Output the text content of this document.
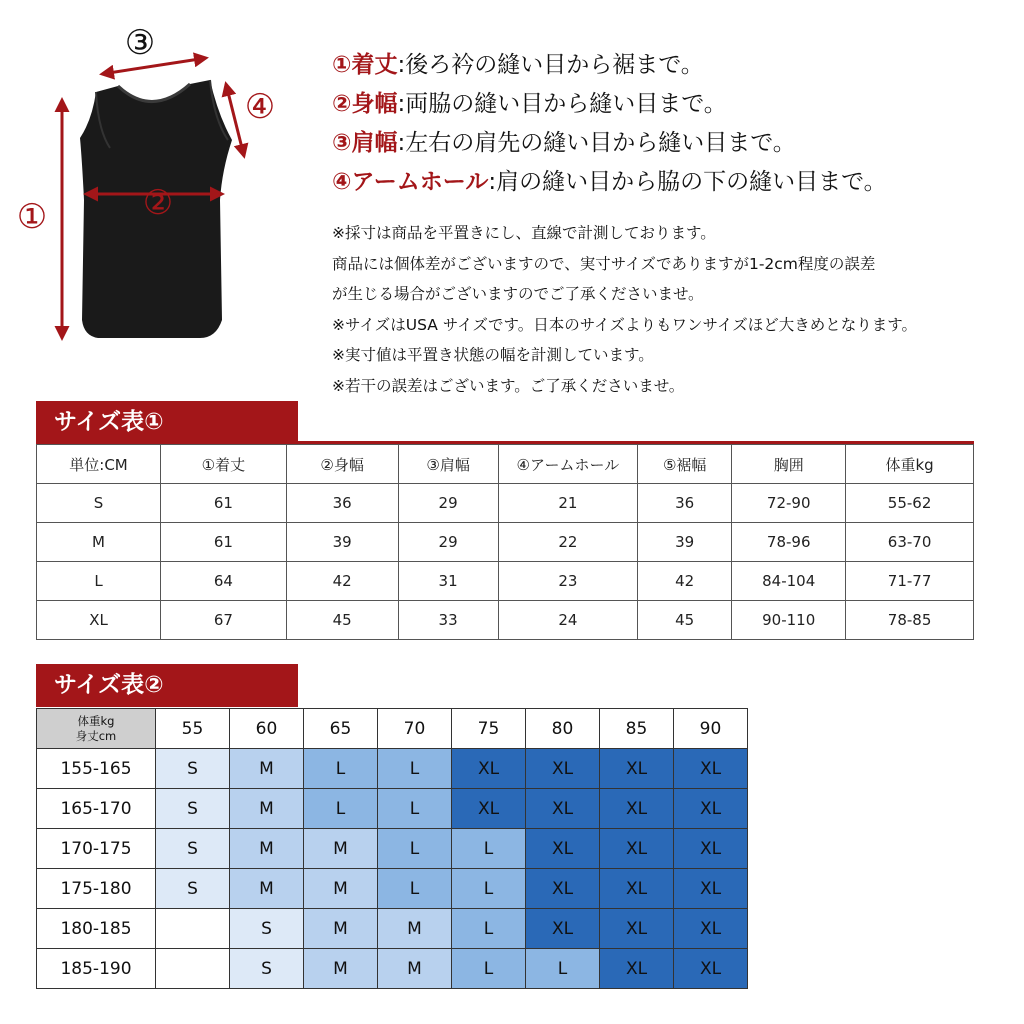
①	②
③
④
①着丈:後ろ衿の縫い目から裾まで。
②身幅:両脇の縫い目から縫い目まで。
③肩幅:左右の肩先の縫い目から縫い目まで。
④アームホール:肩の縫い目から脇の下の縫い目まで。
※採寸は商品を平置きにし、直線で計測しております。
商品には個体差がございますので、実寸サイズでありますが1-2cm程度の誤差
が生じる場合がございますのでご了承くださいませ。
※サイズはUSA サイズです。日本のサイズよりもワンサイズほど大きめとなります。
※実寸値は平置き状態の幅を計測しています。
※若干の誤差はございます。ご了承くださいませ。
サイズ表①
単位:CM	①着丈	②身幅	③肩幅	④アームホール	⑤裾幅	胸囲	体重kg
S	61	36	29	21	36	72-90	55-62
M	61	39	29	22	39	78-96	63-70
L	64	42	31	23	42	84-104	71-77
XL	67	45	33	24	45	90-110	78-85
サイズ表②
体重kg
身丈cm	55	60	65	70	75	80	85	90
155-165	S	M	L	L	XL	XL	XL	XL
165-170	S	M	L	L	XL	XL	XL	XL
170-175	S	M	M	L	L	XL	XL	XL
175-180	S	M	M	L	L	XL	XL	XL
180-185		S	M	M	L	XL	XL	XL
185-190		S	M	M	L	L	XL	XL
